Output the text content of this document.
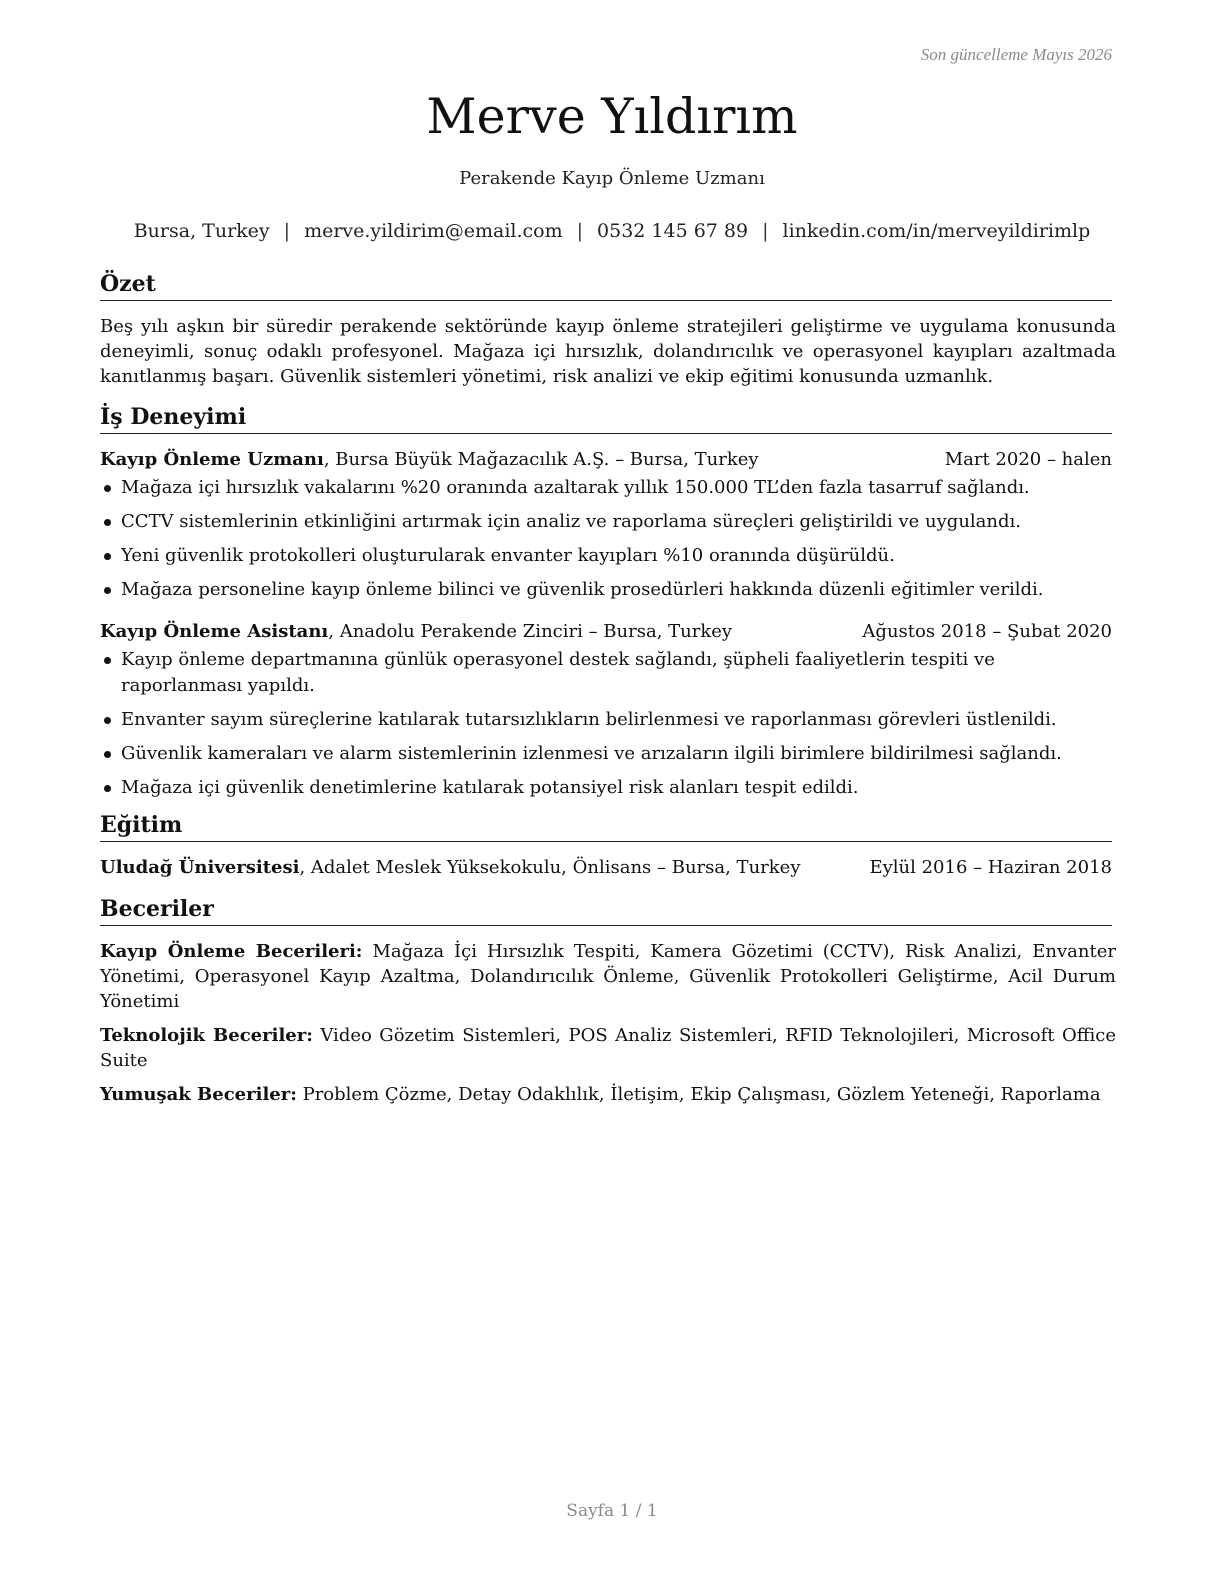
Son güncelleme Mayıs 2026
Merve Yıldırım
Perakende Kayıp Önleme Uzmanı
Bursa, Turkey | merve.yildirim@email.com | 0532 145 67 89 | linkedin.com/in/merveyildirimlp
Özet

Beş yılı aşkın bir süredir perakende sektöründe kayıp önleme stratejileri geliştirme ve uygulama konusunda deneyimli, sonuç odaklı profesyonel. Mağaza içi hırsızlık, dolandırıcılık ve operasyonel kayıpları azaltmada kanıtlanmış başarı. Güvenlik sistemleri yönetimi, risk analizi ve ekip eğitimi konusunda uzmanlık.

İş Deneyimi
Kayıp Önleme Uzmanı, Bursa Büyük Mağazacılık A.Ş. – Bursa, Turkey	Mart 2020 – halen
Mağaza içi hırsızlık vakalarını %20 oranında azaltarak yıllık 150.000 TL’den fazla tasarruf sağlandı.
CCTV sistemlerinin etkinliğini artırmak için analiz ve raporlama süreçleri geliştirildi ve uygulandı.
Yeni güvenlik protokolleri oluşturularak envanter kayıpları %10 oranında düşürüldü.
Mağaza personeline kayıp önleme bilinci ve güvenlik prosedürleri hakkında düzenli eğitimler verildi.
Kayıp Önleme Asistanı, Anadolu Perakende Zinciri – Bursa, Turkey	Ağustos 2018 – Şubat 2020
Kayıp önleme departmanına günlük operasyonel destek sağlandı, şüpheli faaliyetlerin tespiti ve raporlanması yapıldı.
Envanter sayım süreçlerine katılarak tutarsızlıkların belirlenmesi ve raporlanması görevleri üstlenildi.
Güvenlik kameraları ve alarm sistemlerinin izlenmesi ve arızaların ilgili birimlere bildirilmesi sağlandı.
Mağaza içi güvenlik denetimlerine katılarak potansiyel risk alanları tespit edildi.
Eğitim
Uludağ Üniversitesi, Adalet Meslek Yüksekokulu, Önlisans – Bursa, Turkey	Eylül 2016 – Haziran 2018
Beceriler
Kayıp Önleme Becerileri: Mağaza İçi Hırsızlık Tespiti, Kamera Gözetimi (CCTV), Risk Analizi, Envanter Yönetimi, Operasyonel Kayıp Azaltma, Dolandırıcılık Önleme, Güvenlik Protokolleri Geliştirme, Acil Durum Yönetimi
Teknolojik Beceriler: Video Gözetim Sistemleri, POS Analiz Sistemleri, RFID Teknolojileri, Microsoft Office Suite
Yumuşak Beceriler: Problem Çözme, Detay Odaklılık, İletişim, Ekip Çalışması, Gözlem Yeteneği, Raporlama
Sayfa 1 / 1
